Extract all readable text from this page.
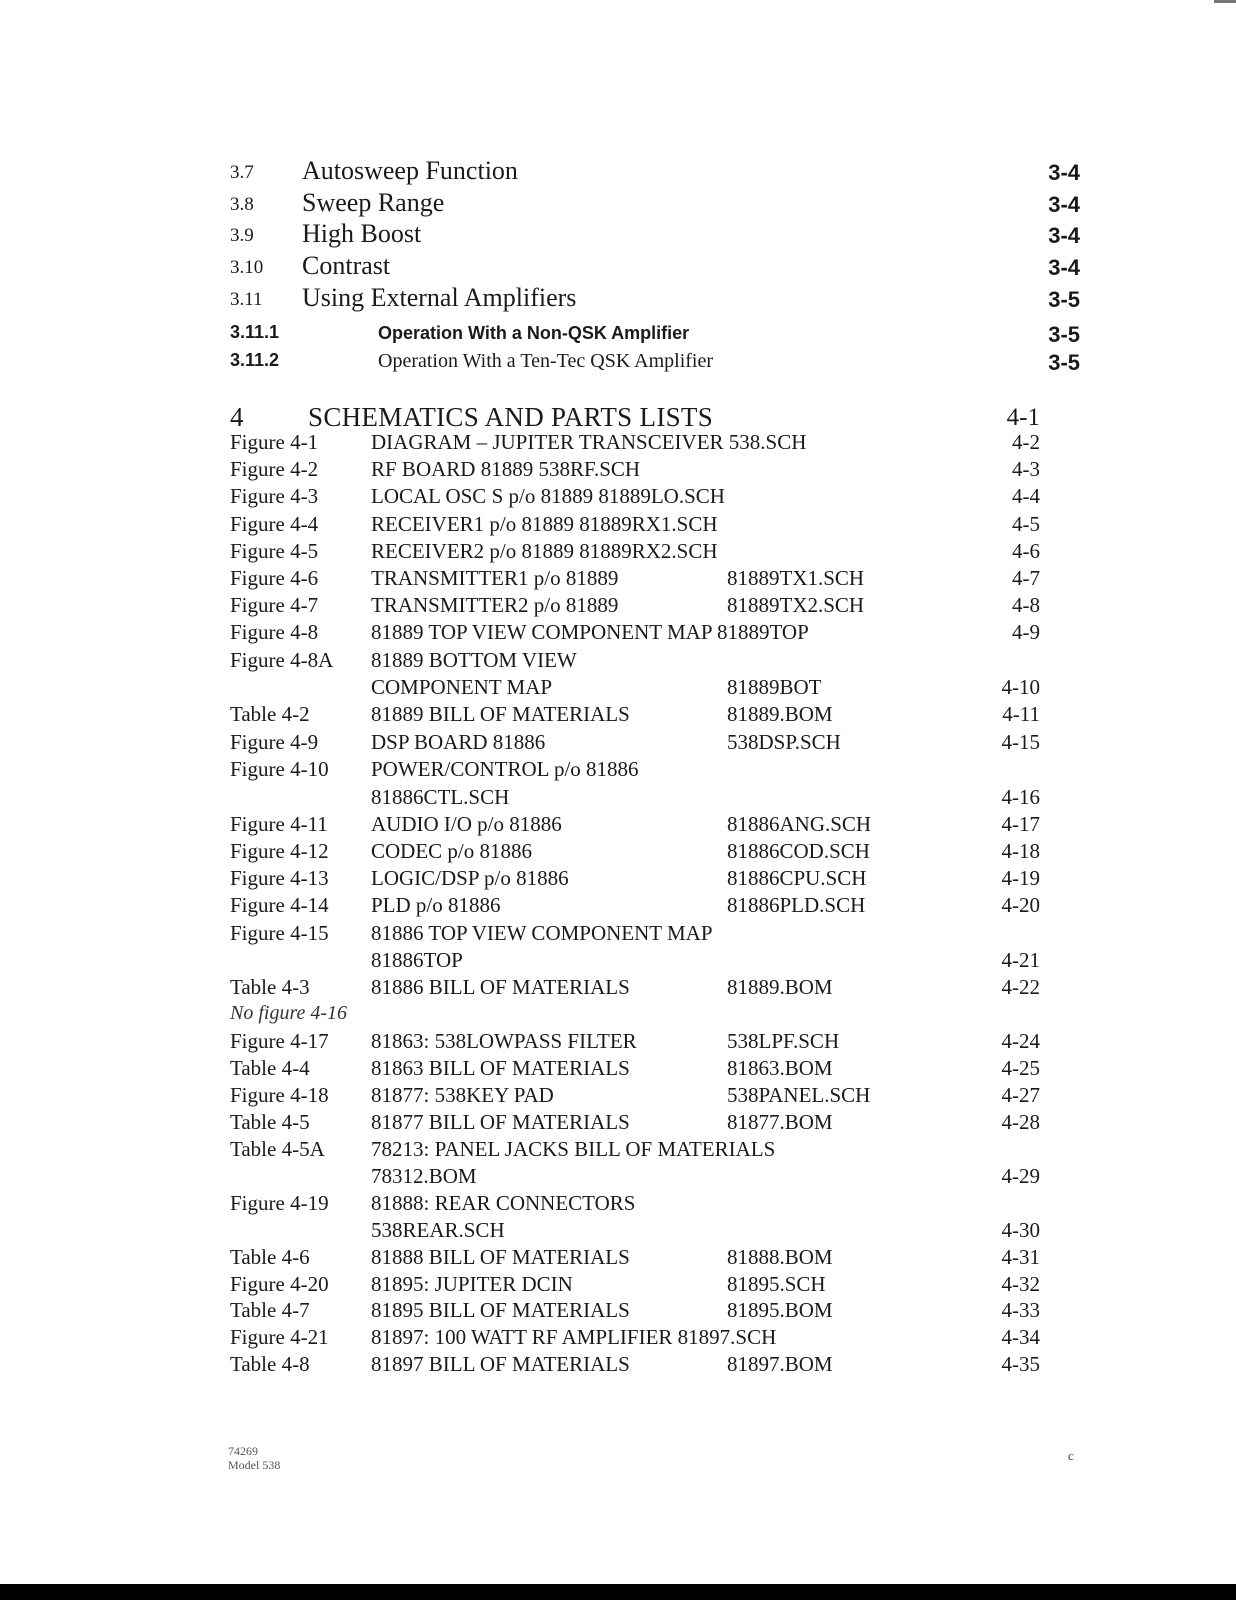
3.7 Autosweep Function	3-4
3.8 Sweep Range	3-4
3.9 High Boost	3-4
3.10 Contrast	3-4
3.11 Using External Amplifiers	3-5
3.11.1	Operation With a Non-QSK Amplifier	3-5
3.11.2	Operation With a Ten-Tec QSK Amplifier	3-5
4 SCHEMATICS AND PARTS LISTS	4-1
Figure 4-1	DIAGRAM – JUPITER TRANSCEIVER 538.SCH	4-2
Figure 4-2	RF BOARD 81889 538RF.SCH	4-3
Figure 4-3	LOCAL OSC S p/o 81889 81889LO.SCH	4-4
Figure 4-4	RECEIVER1 p/o 81889 81889RX1.SCH	4-5
Figure 4-5	RECEIVER2 p/o 81889 81889RX2.SCH	4-6
Figure 4-6	TRANSMITTER1 p/o 81889	81889TX1.SCH	4-7
Figure 4-7	TRANSMITTER2 p/o 81889	81889TX2.SCH	4-8
Figure 4-8	81889 TOP VIEW COMPONENT MAP 81889TOP	4-9
Figure 4-8A 81889 BOTTOM VIEW
COMPONENT MAP	81889BOT	4-10
Table 4-2	81889 BILL OF MATERIALS	81889.BOM	4-11
Figure 4-9	DSP BOARD 81886	538DSP.SCH	4-15
Figure 4-10 POWER/CONTROL p/o 81886
81886CTL.SCH	4-16
Figure 4-11 AUDIO I/O p/o 81886	81886ANG.SCH	4-17
Figure 4-12 CODEC p/o 81886	81886COD.SCH	4-18
Figure 4-13 LOGIC/DSP p/o 81886	81886CPU.SCH	4-19
Figure 4-14 PLD p/o 81886	81886PLD.SCH	4-20
Figure 4-15 81886 TOP VIEW COMPONENT MAP
81886TOP	4-21
Table 4-3	81886 BILL OF MATERIALS	81889.BOM	4-22
No figure 4-16
Figure 4-17 81863: 538LOWPASS FILTER	538LPF.SCH	4-24
Table 4-4	81863 BILL OF MATERIALS	81863.BOM	4-25
Figure 4-18 81877: 538KEY PAD	538PANEL.SCH	4-27
Table 4-5	81877 BILL OF MATERIALS	81877.BOM	4-28
Table 4-5A 78213: PANEL JACKS BILL OF MATERIALS
78312.BOM	4-29
Figure 4-19 81888: REAR CONNECTORS
538REAR.SCH	4-30
Table 4-6	81888 BILL OF MATERIALS	81888.BOM	4-31
Figure 4-20 81895: JUPITER DCIN	81895.SCH	4-32
Table 4-7	81895 BILL OF MATERIALS	81895.BOM	4-33
Figure 4-21 81897: 100 WATT RF AMPLIFIER 81897.SCH	4-34
Table 4-8	81897 BILL OF MATERIALS	81897.BOM	4-35
74269
Model 538
c
